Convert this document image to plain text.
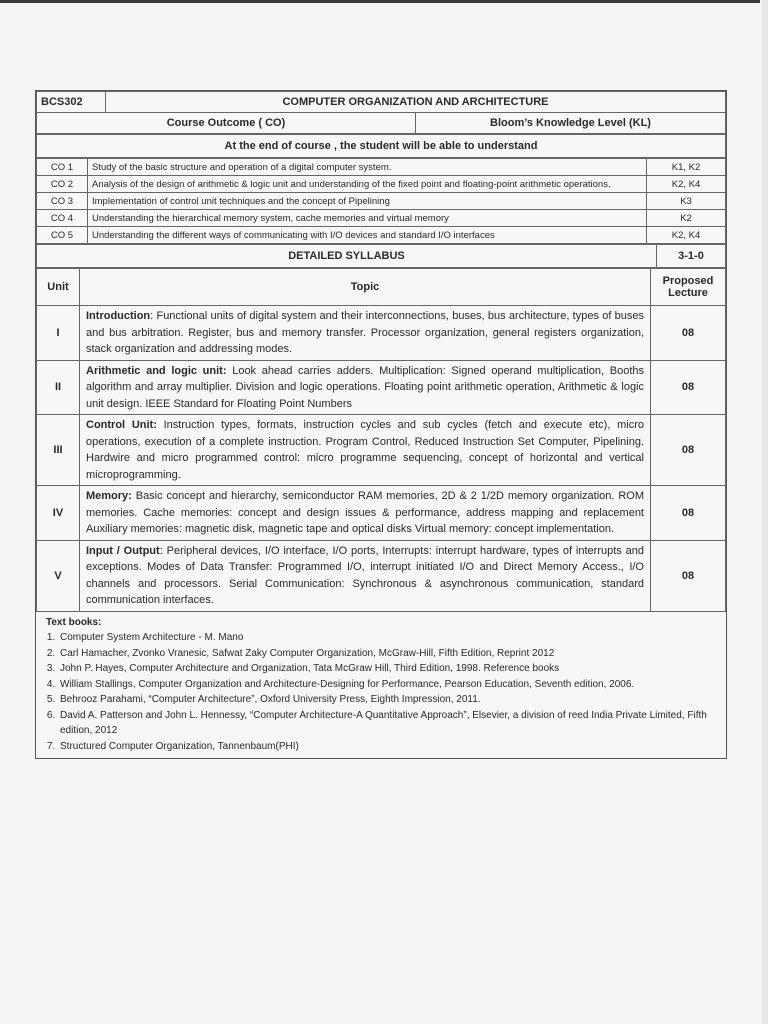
BCS302	COMPUTER ORGANIZATION AND ARCHITECTURE	
Course Outcome ( CO)		Bloom’s Knowledge Level (KL)
At the end of course , the student will be able to understand
CO 1	Study of the basic structure and operation of a digital computer system.	K1, K2
CO 2	Analysis of the design of arithmetic & logic unit and understanding of the fixed point and floating-point arithmetic operations.	K2, K4
CO 3	Implementation of control unit techniques and the concept of Pipelining	K3
CO 4	Understanding the hierarchical memory system, cache memories and virtual memory	K2
CO 5	Understanding the different ways of communicating with I/O devices and standard I/O interfaces	K2, K4
DETAILED SYLLABUS	3-1-0
Unit	Topic	Proposed Lecture
I	Introduction: Functional units of digital system and their interconnections, buses, bus architecture, types of buses and bus arbitration. Register, bus and memory transfer. Processor organization, general registers organization, stack organization and addressing modes.	08
II	Arithmetic and logic unit: Look ahead carries adders. Multiplication: Signed operand multiplication, Booths algorithm and array multiplier. Division and logic operations. Floating point arithmetic operation, Arithmetic & logic unit design. IEEE Standard for Floating Point Numbers	08
III	Control Unit: Instruction types, formats, instruction cycles and sub cycles (fetch and execute etc), micro operations, execution of a complete instruction. Program Control, Reduced Instruction Set Computer, Pipelining. Hardwire and micro programmed control: micro programme sequencing, concept of horizontal and vertical microprogramming.	08
IV	Memory: Basic concept and hierarchy, semiconductor RAM memories, 2D & 2 1/2D memory organization. ROM memories. Cache memories: concept and design issues & performance, address mapping and replacement Auxiliary memories: magnetic disk, magnetic tape and optical disks Virtual memory: concept implementation.	08
V	Input / Output: Peripheral devices, I/O interface, I/O ports, Interrupts: interrupt hardware, types of interrupts and exceptions. Modes of Data Transfer: Programmed I/O, interrupt initiated I/O and Direct Memory Access., I/O channels and processors. Serial Communication: Synchronous & asynchronous communication, standard communication interfaces.	08
Text books:
1. Computer System Architecture - M. Mano
2. Carl Hamacher, Zvonko Vranesic, Safwat Zaky Computer Organization, McGraw-Hill, Fifth Edition, Reprint 2012
3. John P. Hayes, Computer Architecture and Organization, Tata McGraw Hill, Third Edition, 1998. Reference books
4. William Stallings, Computer Organization and Architecture-Designing for Performance, Pearson Education, Seventh edition, 2006.
5. Behrooz Parahami, “Computer Architecture”, Oxford University Press, Eighth Impression, 2011.
6. David A. Patterson and John L. Hennessy, “Computer Architecture-A Quantitative Approach”, Elsevier, a division of reed India Private Limited, Fifth edition, 2012
7. Structured Computer Organization, Tannenbaum(PHI)
